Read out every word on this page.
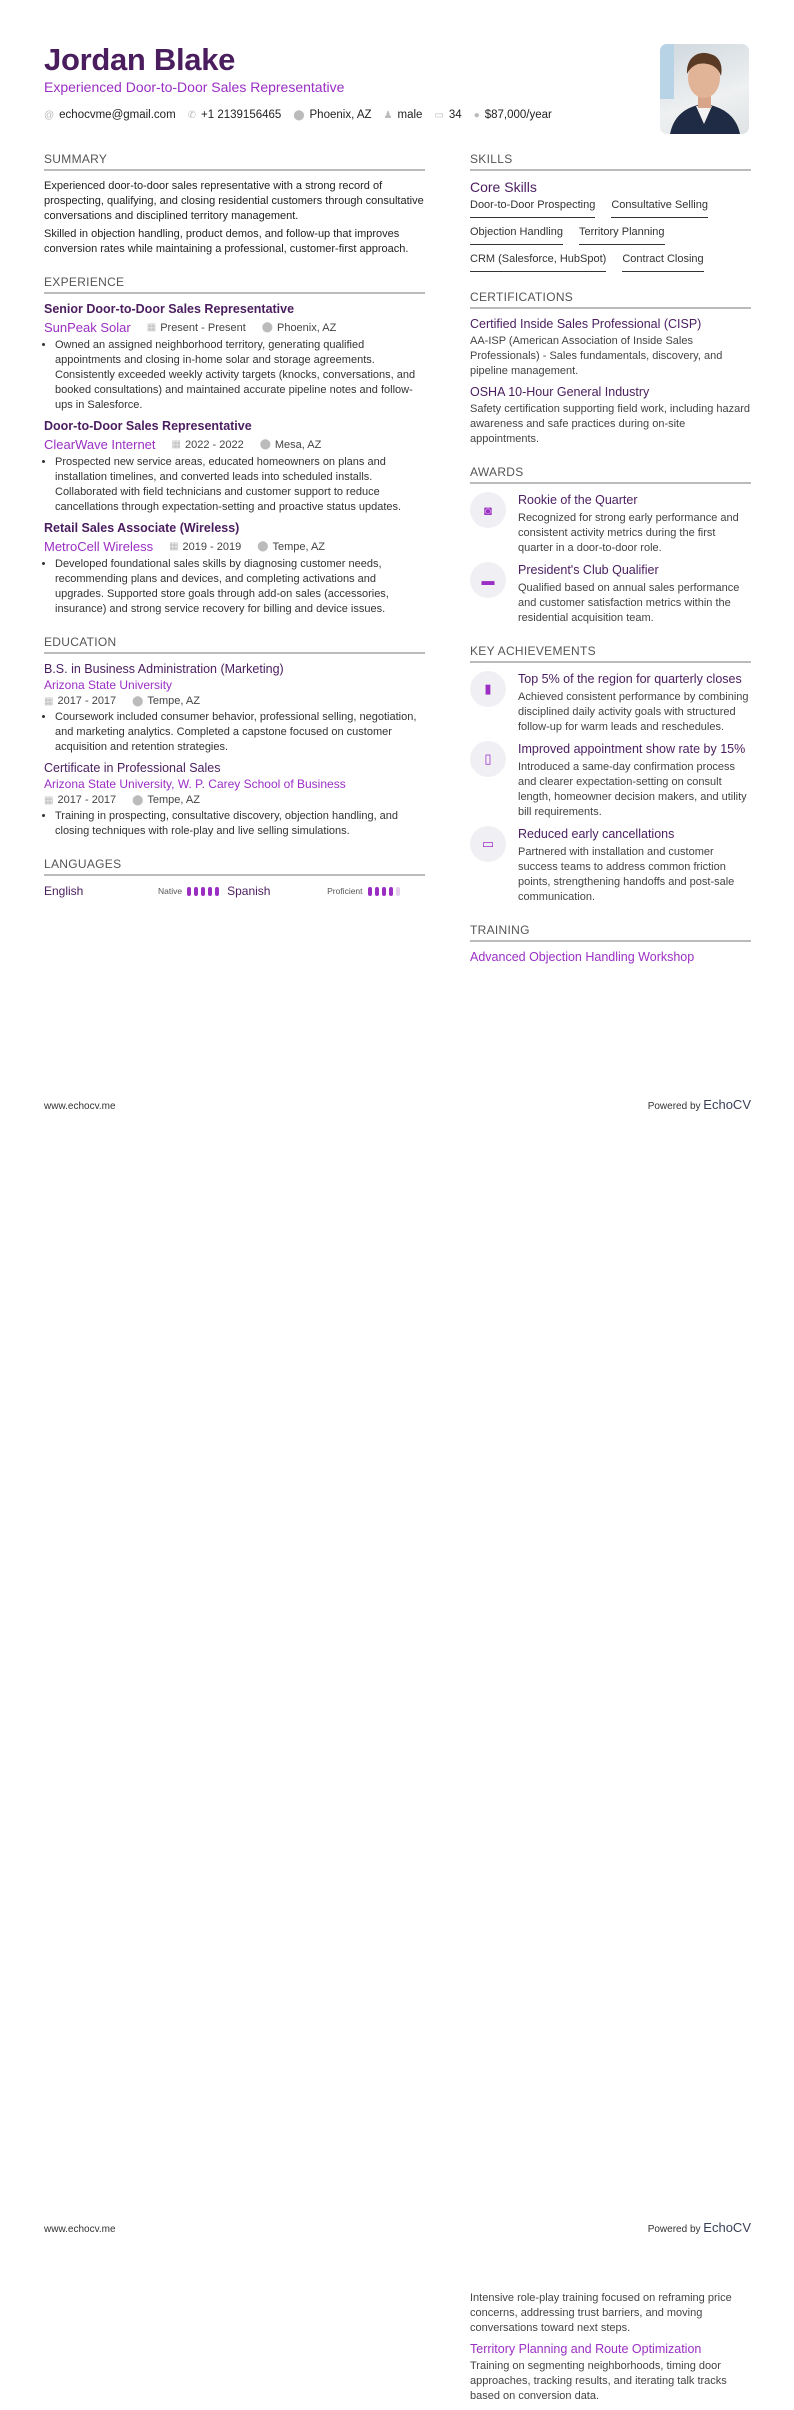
Jordan Blake
Experienced Door-to-Door Sales Representative
@ echocvme@gmail.com ✆ +1 2139156465 ⬤ Phoenix, AZ ♟ male ▭ 34 ● $87,000/year
SUMMARY

Experienced door-to-door sales representative with a strong record of prospecting, qualifying, and closing residential customers through consultative conversations and disciplined territory management.

Skilled in objection handling, product demos, and follow-up that improves conversion rates while maintaining a professional, customer-first approach.

EXPERIENCE
Senior Door-to-Door Sales Representative
SunPeak Solar ▦ Present - Present ⬤ Phoenix, AZ
• Owned an assigned neighborhood territory, generating qualified appointments and closing in-home solar and storage agreements. Consistently exceeded weekly activity targets (knocks, conversations, and booked consultations) and maintained accurate pipeline notes and follow-ups in Salesforce.
Door-to-Door Sales Representative
ClearWave Internet ▦ 2022 - 2022 ⬤ Mesa, AZ
• Prospected new service areas, educated homeowners on plans and installation timelines, and converted leads into scheduled installs. Collaborated with field technicians and customer support to reduce cancellations through expectation-setting and proactive status updates.
Retail Sales Associate (Wireless)
MetroCell Wireless ▦ 2019 - 2019 ⬤ Tempe, AZ
• Developed foundational sales skills by diagnosing customer needs, recommending plans and devices, and completing activations and upgrades. Supported store goals through add-on sales (accessories, insurance) and strong service recovery for billing and device issues.
EDUCATION
B.S. in Business Administration (Marketing)
Arizona State University
▦ 2017 - 2017 ⬤ Tempe, AZ
• Coursework included consumer behavior, professional selling, negotiation, and marketing analytics. Completed a capstone focused on customer acquisition and retention strategies.
Certificate in Professional Sales
Arizona State University, W. P. Carey School of Business
▦ 2017 - 2017 ⬤ Tempe, AZ
• Training in prospecting, consultative discovery, objection handling, and closing techniques with role-play and live selling simulations.
LANGUAGES
English	Native	Spanish	Proficient
SKILLS
Core Skills
Door-to-Door Prospecting Consultative Selling
Objection Handling Territory Planning
CRM (Salesforce, HubSpot) Contract Closing
CERTIFICATIONS
Certified Inside Sales Professional (CISP)
AA-ISP (American Association of Inside Sales Professionals) - Sales fundamentals, discovery, and pipeline management.
OSHA 10-Hour General Industry
Safety certification supporting field work, including hazard awareness and safe practices during on-site appointments.
AWARDS
◙
Rookie of the Quarter
Recognized for strong early performance and consistent activity metrics during the first quarter in a door-to-door role.
▬
President's Club Qualifier
Qualified based on annual sales performance and customer satisfaction metrics within the residential acquisition team.
KEY ACHIEVEMENTS
▮
Top 5% of the region for quarterly closes
Achieved consistent performance by combining disciplined daily activity goals with structured follow-up for warm leads and reschedules.
▯
Improved appointment show rate by 15%
Introduced a same-day confirmation process and clearer expectation-setting on consult length, homeowner decision makers, and utility bill requirements.
▭
Reduced early cancellations
Partnered with installation and customer success teams to address common friction points, strengthening handoffs and post-sale communication.
TRAINING
Advanced Objection Handling Workshop
www.echocv.me	Powered by EchoCV
Intensive role-play training focused on reframing price concerns, addressing trust barriers, and moving conversations toward next steps.
Territory Planning and Route Optimization
Training on segmenting neighborhoods, timing door approaches, tracking results, and iterating talk tracks based on conversion data.
www.echocv.me	Powered by EchoCV
